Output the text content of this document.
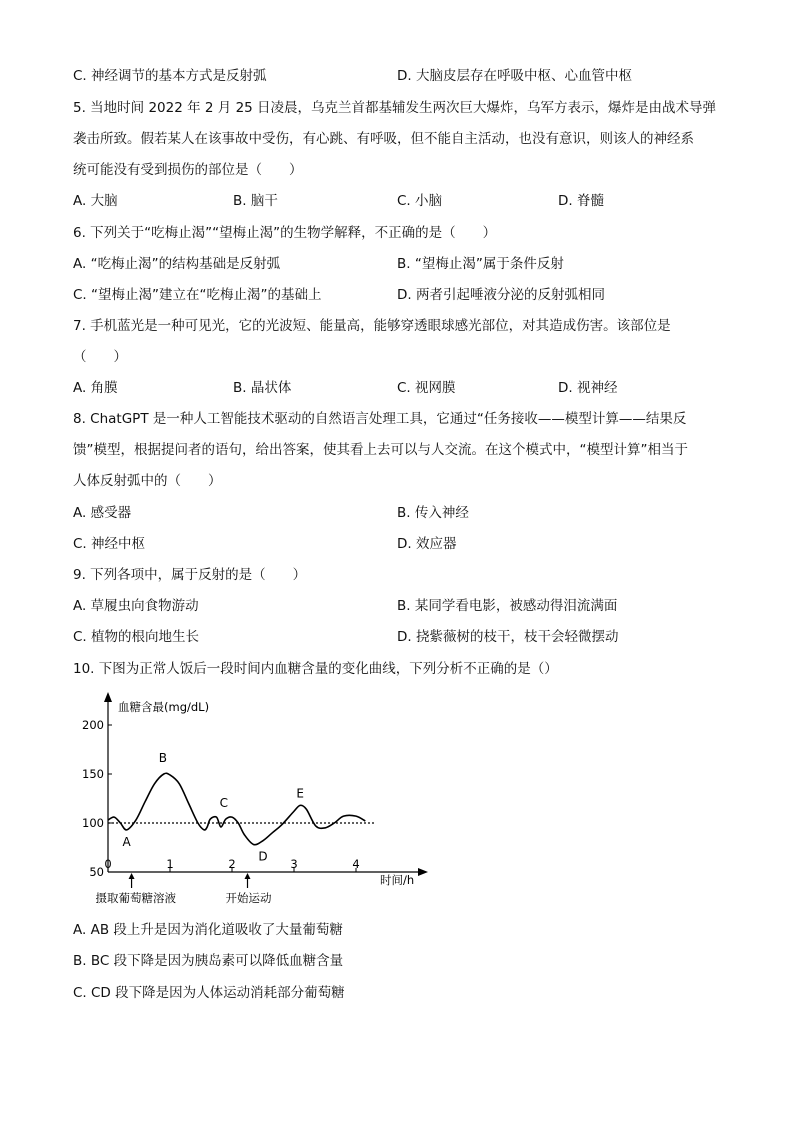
C. 神经调节的基本方式是反射弧	D. 大脑皮层存在呼吸中枢、心血管中枢
5. 当地时间 2022 年 2 月 25 日凌晨，乌克兰首都基辅发生两次巨大爆炸，乌军方表示，爆炸是由战术导弹
袭击所致。假若某人在该事故中受伤，有心跳、有呼吸，但不能自主活动，也没有意识，则该人的神经系
统可能没有受到损伤的部位是（　　）
A. 大脑	B. 脑干	C. 小脑	D. 脊髓
6. 下列关于“吃梅止渴”“望梅止渴”的生物学解释，不正确的是（　　）
A. “吃梅止渴”的结构基础是反射弧	B. “望梅止渴”属于条件反射
C. “望梅止渴”建立在“吃梅止渴”的基础上	D. 两者引起唾液分泌的反射弧相同
7. 手机蓝光是一种可见光，它的光波短、能量高，能够穿透眼球感光部位，对其造成伤害。该部位是
（　　）
A. 角膜	B. 晶状体	C. 视网膜	D. 视神经
8. ChatGPT 是一种人工智能技术驱动的自然语言处理工具，它通过“任务接收——模型计算——结果反
馈”模型，根据提问者的语句，给出答案，使其看上去可以与人交流。在这个模式中，“模型计算”相当于
人体反射弧中的（　　）
A. 感受器	B. 传入神经
C. 神经中枢	D. 效应器
9. 下列各项中，属于反射的是（　　）
A. 草履虫向食物游动	B. 某同学看电影，被感动得泪流满面
C. 植物的根向地生长	D. 挠紫薇树的枝干，枝干会轻微摆动
10. 下图为正常人饭后一段时间内血糖含量的变化曲线，下列分析不正确的是（）
血糖含最(mg/dL)
时间/h
200
150
100
50
0	1	2	3	4
A
B
C
D
E
摄取葡萄糖溶液	开始运动
A. AB 段上升是因为消化道吸收了大量葡萄糖
B. BC 段下降是因为胰岛素可以降低血糖含量
C. CD 段下降是因为人体运动消耗部分葡萄糖
